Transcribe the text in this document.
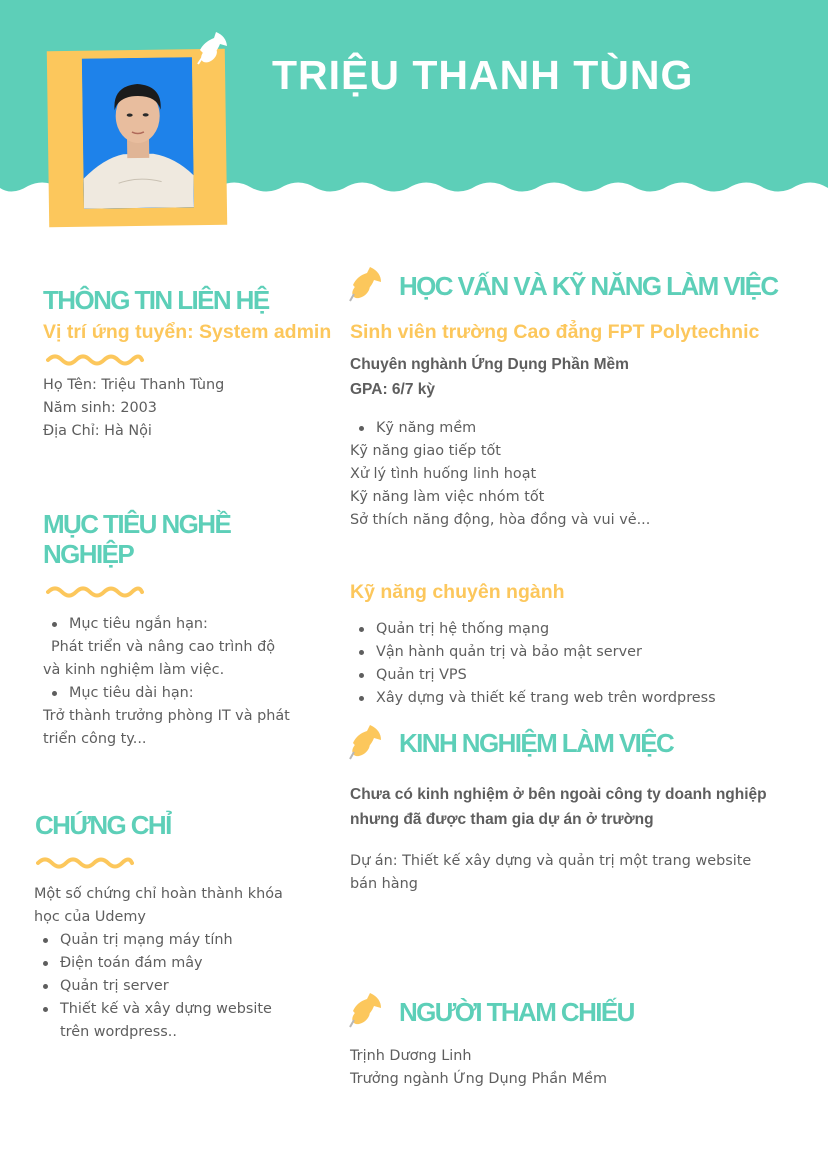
TRIỆU THANH TÙNG
THÔNG TIN LIÊN HỆ
Vị trí ứng tuyển: System admin
Họ Tên: Triệu Thanh Tùng
Năm sinh: 2003
Địa Chỉ: Hà Nội
MỤC TIÊU NGHỀ
NGHIỆP
Mục tiêu ngắn hạn:
Phát triển và nâng cao trình độ
và kinh nghiệm làm việc.
Mục tiêu dài hạn:
Trở thành trưởng phòng IT và phát
triển công ty...
CHỨNG CHỈ
Một số chứng chỉ hoàn thành khóa
học của Udemy
Quản trị mạng máy tính
Điện toán đám mây
Quản trị server
Thiết kế và xây dựng website
trên wordpress..
HỌC VẤN VÀ KỸ NĂNG LÀM VIỆC
Sinh viên trường Cao đẳng FPT Polytechnic
Chuyên nghành Ứng Dụng Phần Mềm
GPA: 6/7 kỳ
Kỹ năng mềm
Kỹ năng giao tiếp tốt
Xử lý tình huống linh hoạt
Kỹ năng làm việc nhóm tốt
Sở thích năng động, hòa đồng và vui vẻ...
Kỹ năng chuyên ngành
Quản trị hệ thống mạng
Vận hành quản trị và bảo mật server
Quản trị VPS
Xây dựng và thiết kế trang web trên wordpress
KINH NGHIỆM LÀM VIỆC
Chưa có kinh nghiệm ở bên ngoài công ty doanh nghiệp
nhưng đã được tham gia dự án ở trường
Dự án: Thiết kế xây dựng và quản trị một trang website
bán hàng
NGƯỜI THAM CHIẾU
Trịnh Dương Linh
Trưởng ngành Ứng Dụng Phần Mềm
